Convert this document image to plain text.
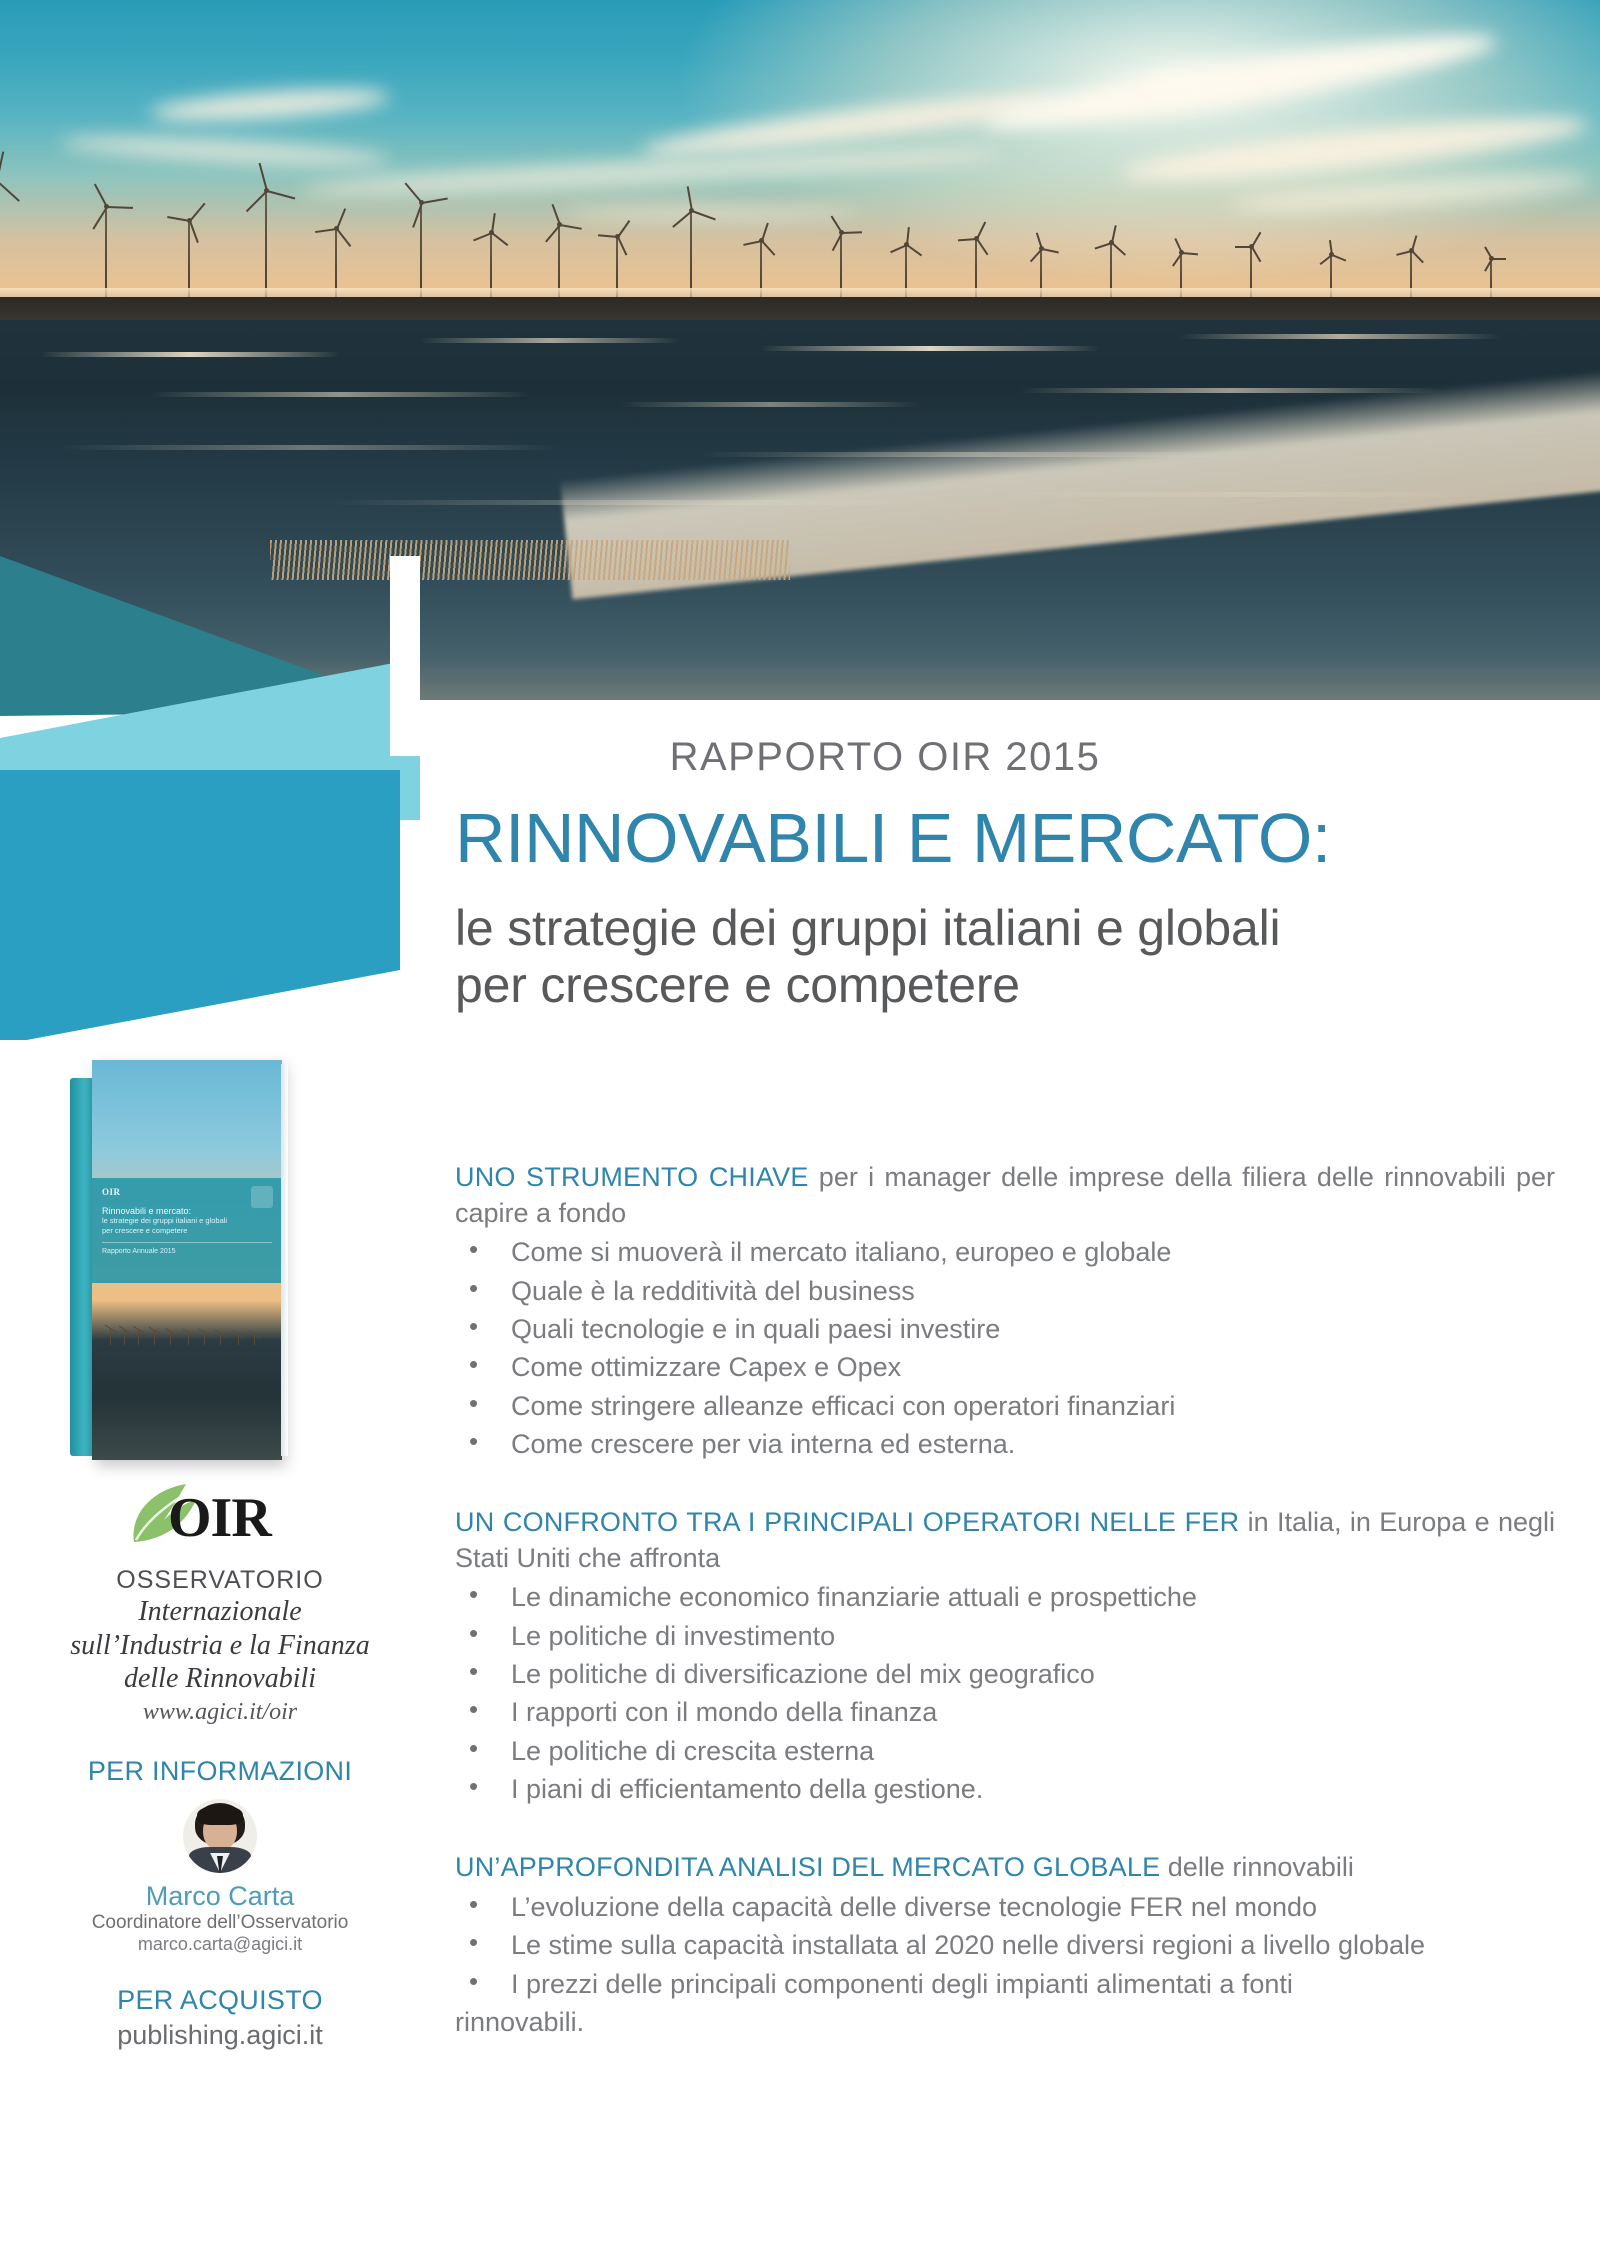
RAPPORTO OIR 2015
RINNOVABILI E MERCATO:
le strategie dei gruppi italiani e globali
per crescere e competere
OIR
Rinnovabili e mercato:
le strategie dei gruppi italiani e globali
per crescere e competere
Rapporto Annuale 2015
OIR
OSSERVATORIO
Internazionale
sull’Industria e la Finanza
delle Rinnovabili
www.agici.it/oir
PER INFORMAZIONI
Marco Carta
Coordinatore dell’Osservatorio
marco.carta@agici.it
PER ACQUISTO
publishing.agici.it

UNO STRUMENTO CHIAVE per i manager delle imprese della filiera delle rinnovabili per capire a fondo

• Come si muoverà il mercato italiano, europeo e globale
• Quale è la redditività del business
• Quali tecnologie e in quali paesi investire
• Come ottimizzare Capex e Opex
• Come stringere alleanze efficaci con operatori finanziari
• Come crescere per via interna ed esterna.

UN CONFRONTO TRA I PRINCIPALI OPERATORI NELLE FER in Italia, in Europa e negli Stati Uniti che affronta

• Le dinamiche economico finanziarie attuali e prospettiche
• Le politiche di investimento
• Le politiche di diversificazione del mix geografico
• I rapporti con il mondo della finanza
• Le politiche di crescita esterna
• I piani di efficientamento della gestione.

UN’APPROFONDITA ANALISI DEL MERCATO GLOBALE delle rinnovabili

• L’evoluzione della capacità delle diverse tecnologie FER nel mondo
• Le stime sulla capacità installata al 2020 nelle diversi regioni a livello globale
• I prezzi delle principali componenti degli impianti alimentati a fonti
rinnovabili.
